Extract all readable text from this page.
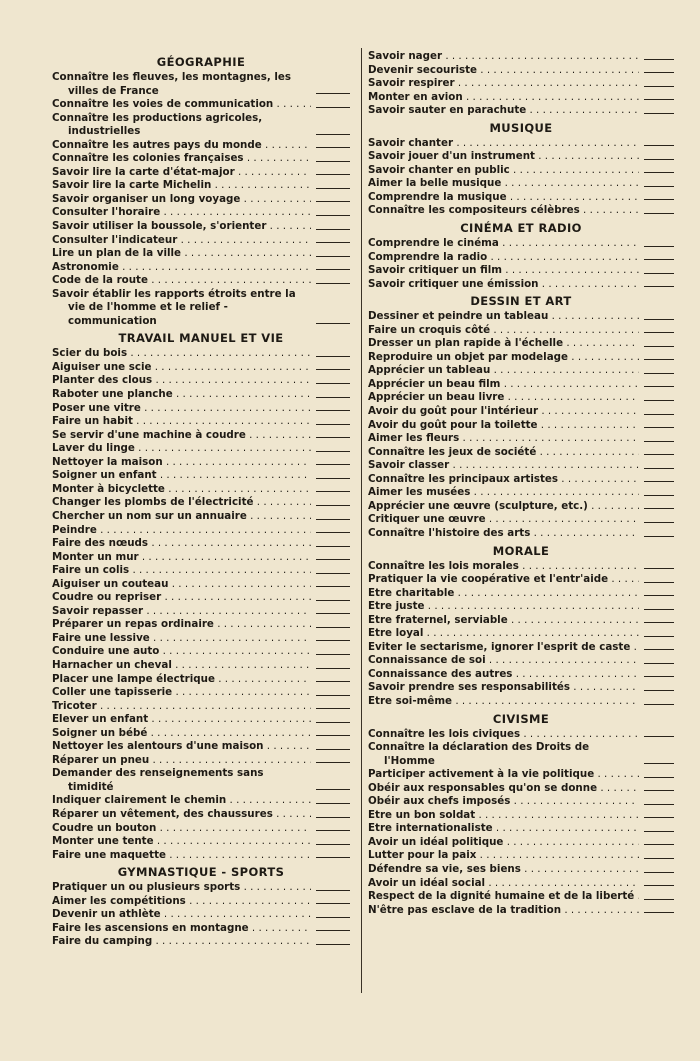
GÉOGRAPHIE
Connaître les fleuves, les montagnes, les villes de France
Connaître les voies de communication . . .
Connaître les productions agricoles, industrielles
Connaître les autres pays du monde . . .
Connaître les colonies françaises . . .
Savoir lire la carte d'état-major . . .
Savoir lire la carte Michelin . . .
Savoir organiser un long voyage . . .
Consulter l'horaire . . .
Savoir utiliser la boussole, s'orienter . . .
Consulter l'indicateur . . .
Lire un plan de la ville . . .
Astronomie . . .
Code de la route . . .
Savoir établir les rapports étroits entre la vie de l'homme et le relief - communication
TRAVAIL MANUEL ET VIE
Scier du bois . . .
Aiguiser une scie . . .
Planter des clous . . .
Raboter une planche . . .
Poser une vitre . . .
Faire un habit . . .
Se servir d'une machine à coudre . . .
Laver du linge . . .
Nettoyer la maison . . .
Soigner un enfant . . .
Monter à bicyclette . . .
Changer les plombs de l'électricité . . .
Chercher un nom sur un annuaire . . .
Peindre . . .
Faire des nœuds . . .
Monter un mur . . .
Faire un colis . . .
Aiguiser un couteau . . .
Coudre ou repriser . . .
Savoir repasser . . .
Préparer un repas ordinaire . . .
Faire une lessive . . .
Conduire une auto . . .
Harnacher un cheval . . .
Placer une lampe électrique . . .
Coller une tapisserie . . .
Tricoter . . .
Elever un enfant . . .
Soigner un bébé . . .
Nettoyer les alentours d'une maison . . .
Réparer un pneu . . .
Demander des renseignements sans timidité
Indiquer clairement le chemin . . .
Réparer un vêtement, des chaussures . . .
Coudre un bouton . . .
Monter une tente . . .
Faire une maquette . . .
GYMNASTIQUE - SPORTS
Pratiquer un ou plusieurs sports . . .
Aimer les compétitions . . .
Devenir un athlète . . .
Faire les ascensions en montagne . . .
Faire du camping . . .
Savoir nager . . .
Devenir secouriste . . .
Savoir respirer . . .
Monter en avion . . .
Savoir sauter en parachute . . .
MUSIQUE
Savoir chanter . . .
Savoir jouer d'un instrument . . .
Savoir chanter en public . . .
Aimer la belle musique . . .
Comprendre la musique . . .
Connaître les compositeurs célèbres . . .
CINÉMA ET RADIO
Comprendre le cinéma . . .
Comprendre la radio . . .
Savoir critiquer un film . . .
Savoir critiquer une émission . . .
DESSIN ET ART
Dessiner et peindre un tableau . . .
Faire un croquis côté . . .
Dresser un plan rapide à l'échelle . . .
Reproduire un objet par modelage . . .
Apprécier un tableau . . .
Apprécier un beau film . . .
Apprécier un beau livre . . .
Avoir du goût pour l'intérieur . . .
Avoir du goût pour la toilette . . .
Aimer les fleurs . . .
Connaître les jeux de société . . .
Savoir classer . . .
Connaître les principaux artistes . . .
Aimer les musées . . .
Apprécier une œuvre (sculpture, etc.) . . .
Critiquer une œuvre . . .
Connaître l'histoire des arts . . .
MORALE
Connaître les lois morales . . .
Pratiquer la vie coopérative et l'entr'aide . . .
Etre charitable . . .
Etre juste . . .
Etre fraternel, serviable . . .
Etre loyal . . .
Eviter le sectarisme, ignorer l'esprit de caste . . .
Connaissance de soi . . .
Connaissance des autres . . .
Savoir prendre ses responsabilités . . .
Etre soi-même . . .
CIVISME
Connaître les lois civiques . . .
Connaître la déclaration des Droits de l'Homme
Participer activement à la vie politique . . .
Obéir aux responsables qu'on se donne . . .
Obéir aux chefs imposés . . .
Etre un bon soldat . . .
Etre internationaliste . . .
Avoir un idéal politique . . .
Lutter pour la paix . . .
Défendre sa vie, ses biens . . .
Avoir un idéal social . . .
Respect de la dignité humaine et de la liberté . . .
N'être pas esclave de la tradition . . .
